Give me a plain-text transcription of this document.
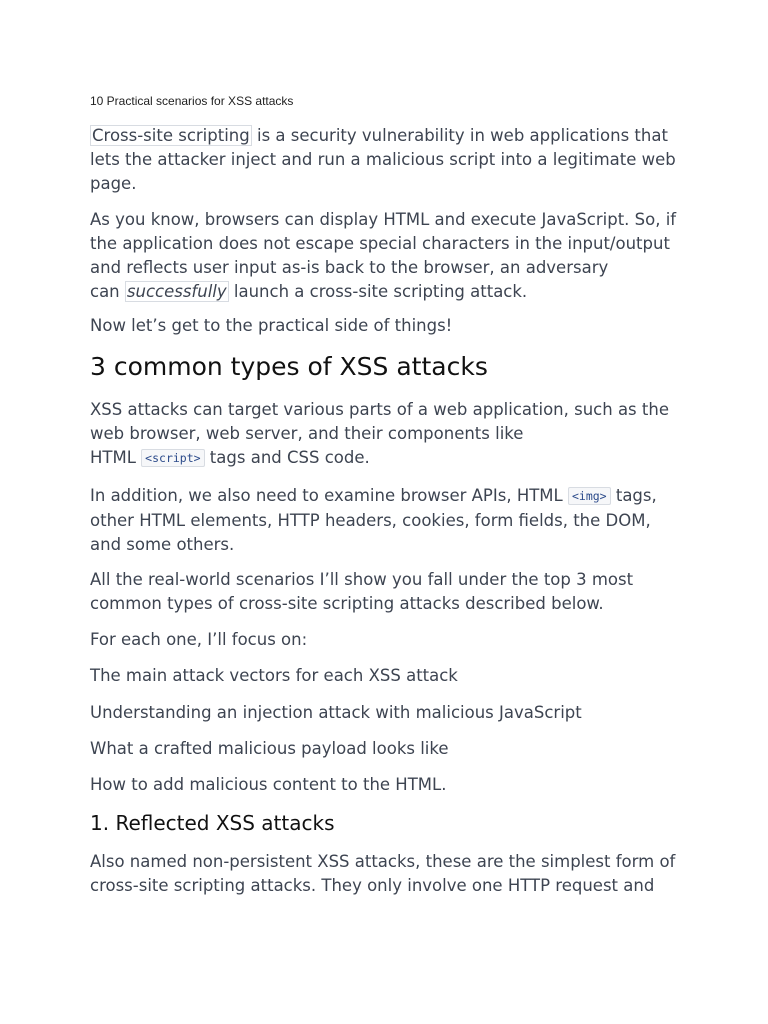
10 Practical scenarios for XSS attacks
Cross-site scripting is a security vulnerability in web applications that
lets the attacker inject and run a malicious script into a legitimate web
page.
As you know, browsers can display HTML and execute JavaScript. So, if
the application does not escape special characters in the input/output
and reflects user input as-is back to the browser, an adversary
can successfully launch a cross-site scripting attack.
Now let’s get to the practical side of things!
3 common types of XSS attacks
XSS attacks can target various parts of a web application, such as the
web browser, web server, and their components like
HTML <script> tags and CSS code.
In addition, we also need to examine browser APIs, HTML <img> tags,
other HTML elements, HTTP headers, cookies, form fields, the DOM,
and some others.
All the real-world scenarios I’ll show you fall under the top 3 most
common types of cross-site scripting attacks described below.
For each one, I’ll focus on:
The main attack vectors for each XSS attack
Understanding an injection attack with malicious JavaScript
What a crafted malicious payload looks like
How to add malicious content to the HTML.
1. Reflected XSS attacks
Also named non-persistent XSS attacks, these are the simplest form of
cross-site scripting attacks. They only involve one HTTP request and
